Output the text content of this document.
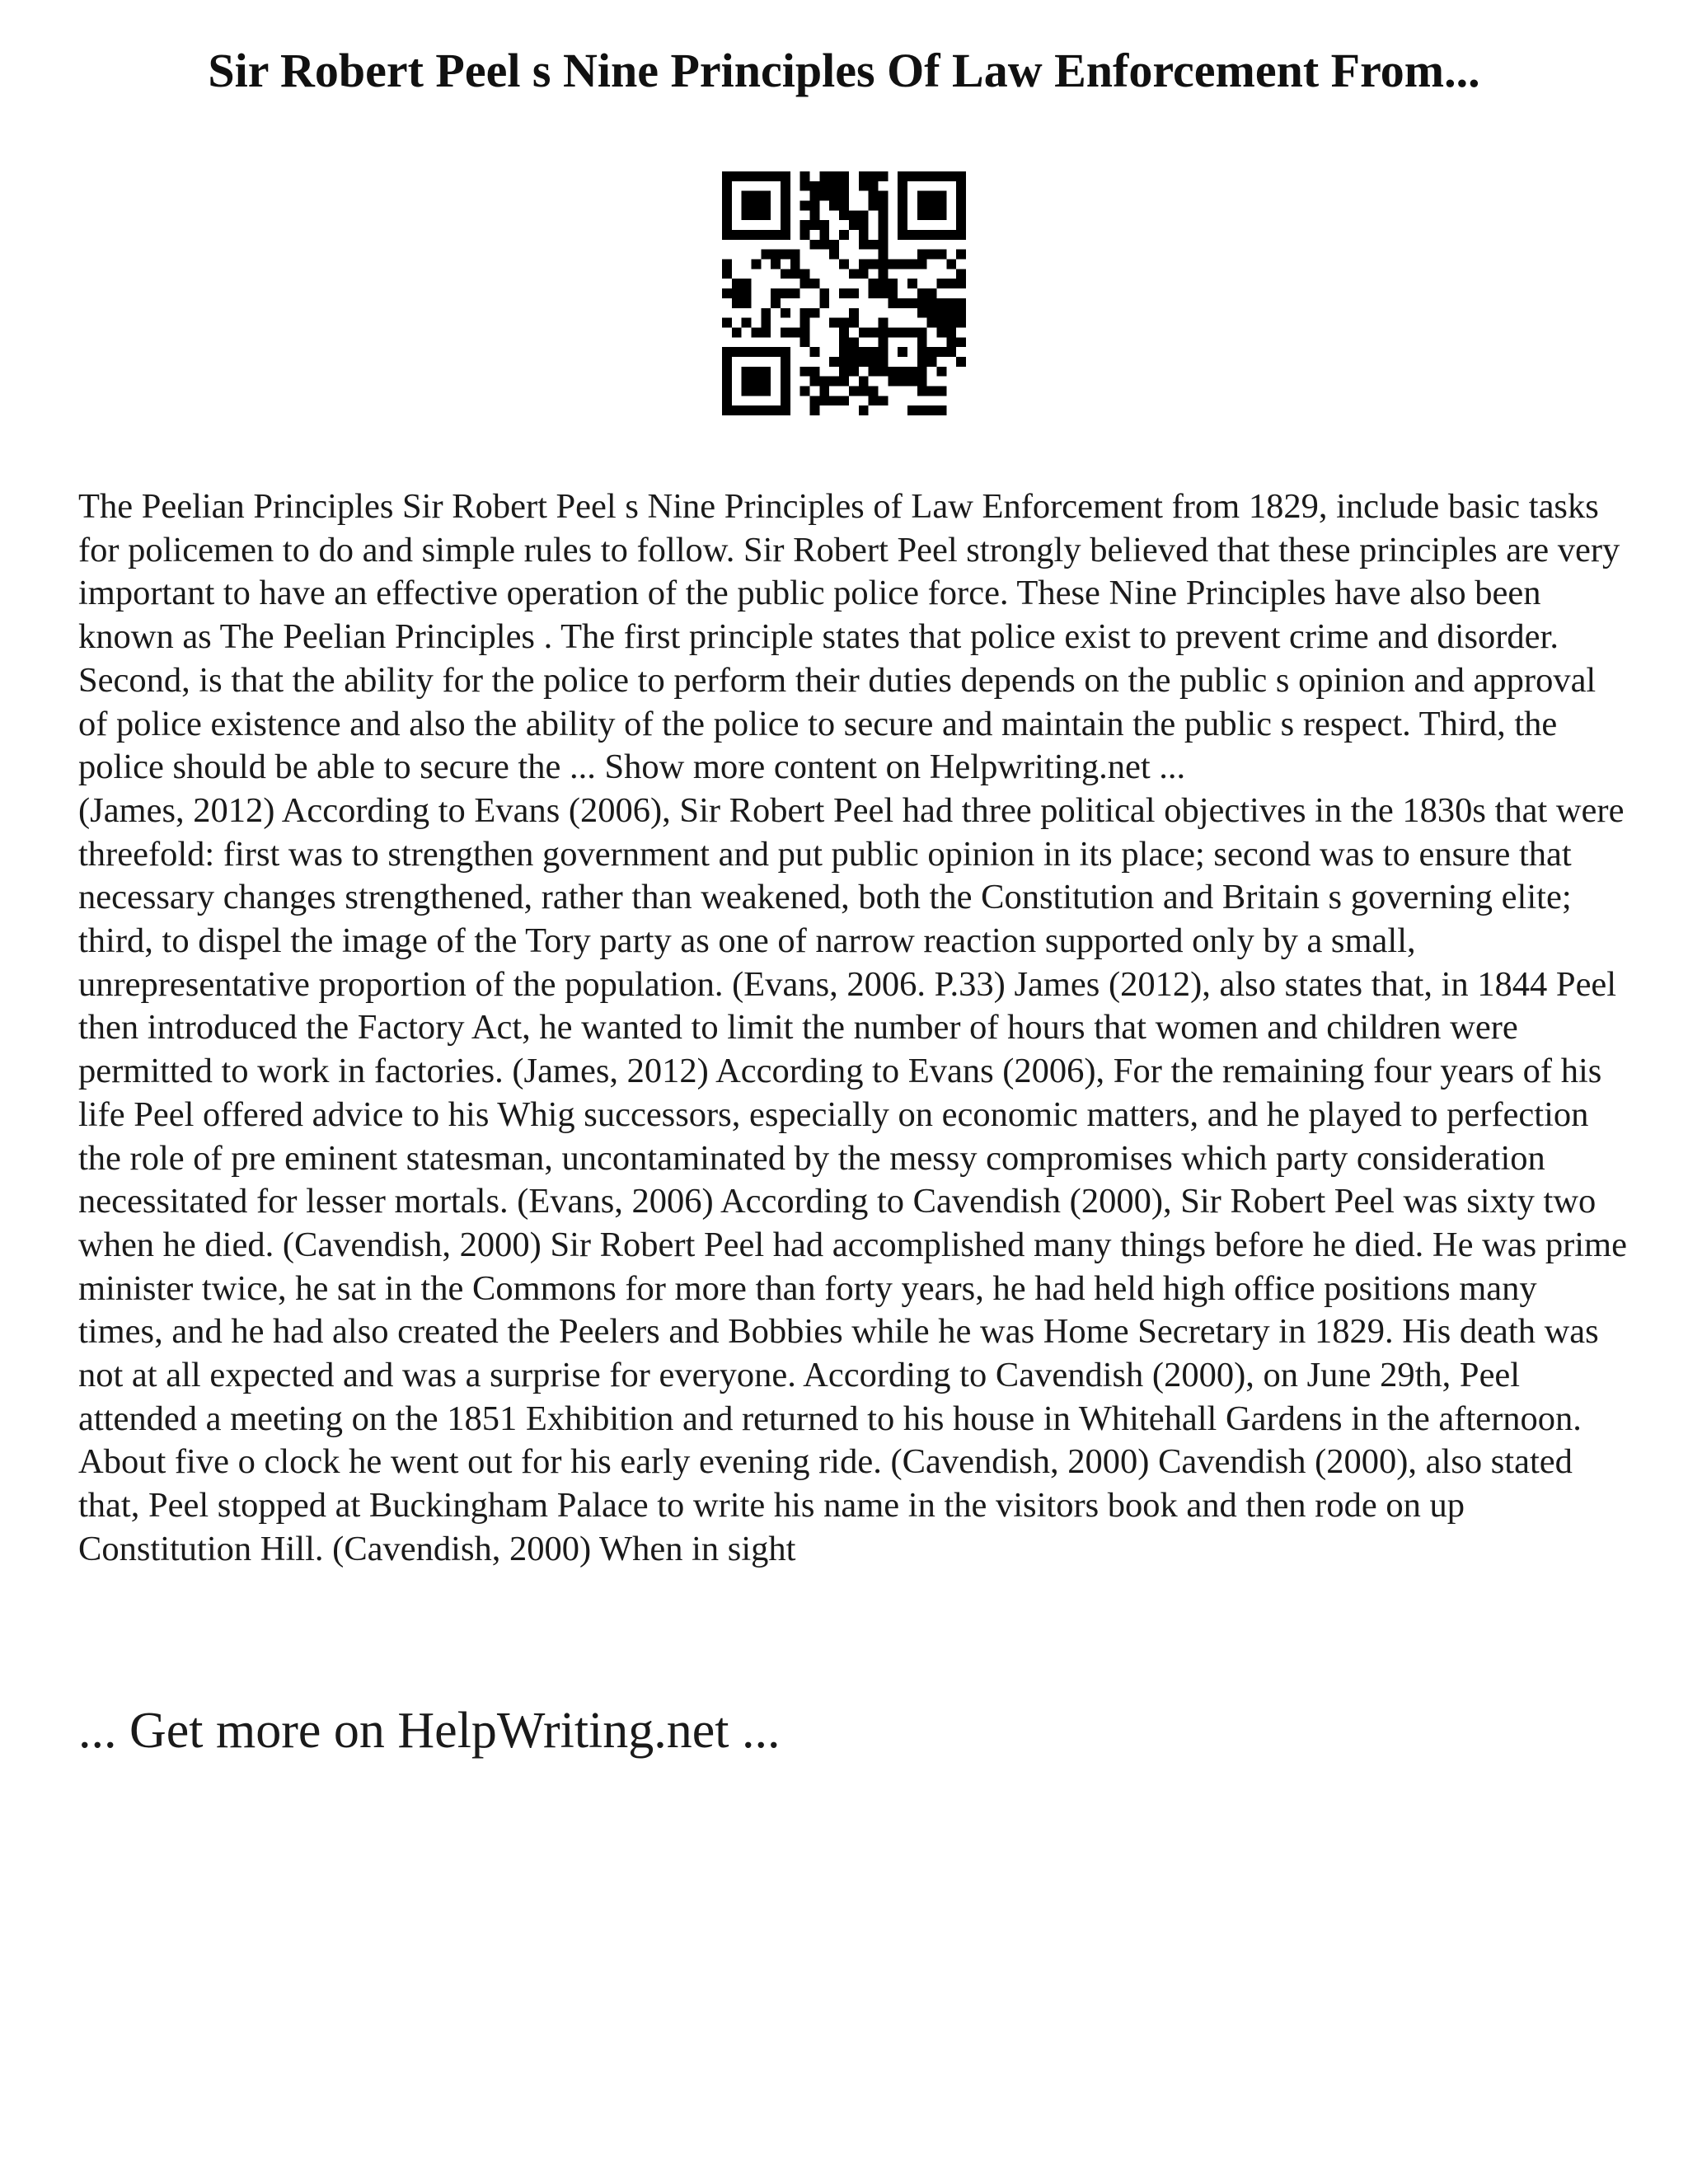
Sir Robert Peel s Nine Principles Of Law Enforcement From...

The Peelian Principles Sir Robert Peel s Nine Principles of Law Enforcement from 1829, include basic tasks for policemen to do and simple rules to follow. Sir Robert Peel strongly believed that these principles are very important to have an effective operation of the public police force. These Nine Principles have also been known as The Peelian Principles . The first principle states that police exist to prevent crime and disorder. Second, is that the ability for the police to perform their duties depends on the public s opinion and approval of police existence and also the ability of the police to secure and maintain the public s respect. Third, the police should be able to secure the ... Show more content on Helpwriting.net ...

(James, 2012) According to Evans (2006), Sir Robert Peel had three political objectives in the 1830s that were threefold: first was to strengthen government and put public opinion in its place; second was to ensure that necessary changes strengthened, rather than weakened, both the Constitution and Britain s governing elite; third, to dispel the image of the Tory party as one of narrow reaction supported only by a small, unrepresentative proportion of the population. (Evans, 2006. P.33) James (2012), also states that, in 1844 Peel then introduced the Factory Act, he wanted to limit the number of hours that women and children were permitted to work in factories. (James, 2012) According to Evans (2006), For the remaining four years of his life Peel offered advice to his Whig successors, especially on economic matters, and he played to perfection the role of pre eminent statesman, uncontaminated by the messy compromises which party consideration necessitated for lesser mortals. (Evans, 2006) According to Cavendish (2000), Sir Robert Peel was sixty two when he died. (Cavendish, 2000) Sir Robert Peel had accomplished many things before he died. He was prime minister twice, he sat in the Commons for more than forty years, he had held high office positions many times, and he had also created the Peelers and Bobbies while he was Home Secretary in 1829. His death was not at all expected and was a surprise for everyone. According to Cavendish (2000), on June 29th, Peel attended a meeting on the 1851 Exhibition and returned to his house in Whitehall Gardens in the afternoon. About five o clock he went out for his early evening ride. (Cavendish, 2000) Cavendish (2000), also stated that, Peel stopped at Buckingham Palace to write his name in the visitors book and then rode on up Constitution Hill. (Cavendish, 2000) When in sight

... Get more on HelpWriting.net ...
